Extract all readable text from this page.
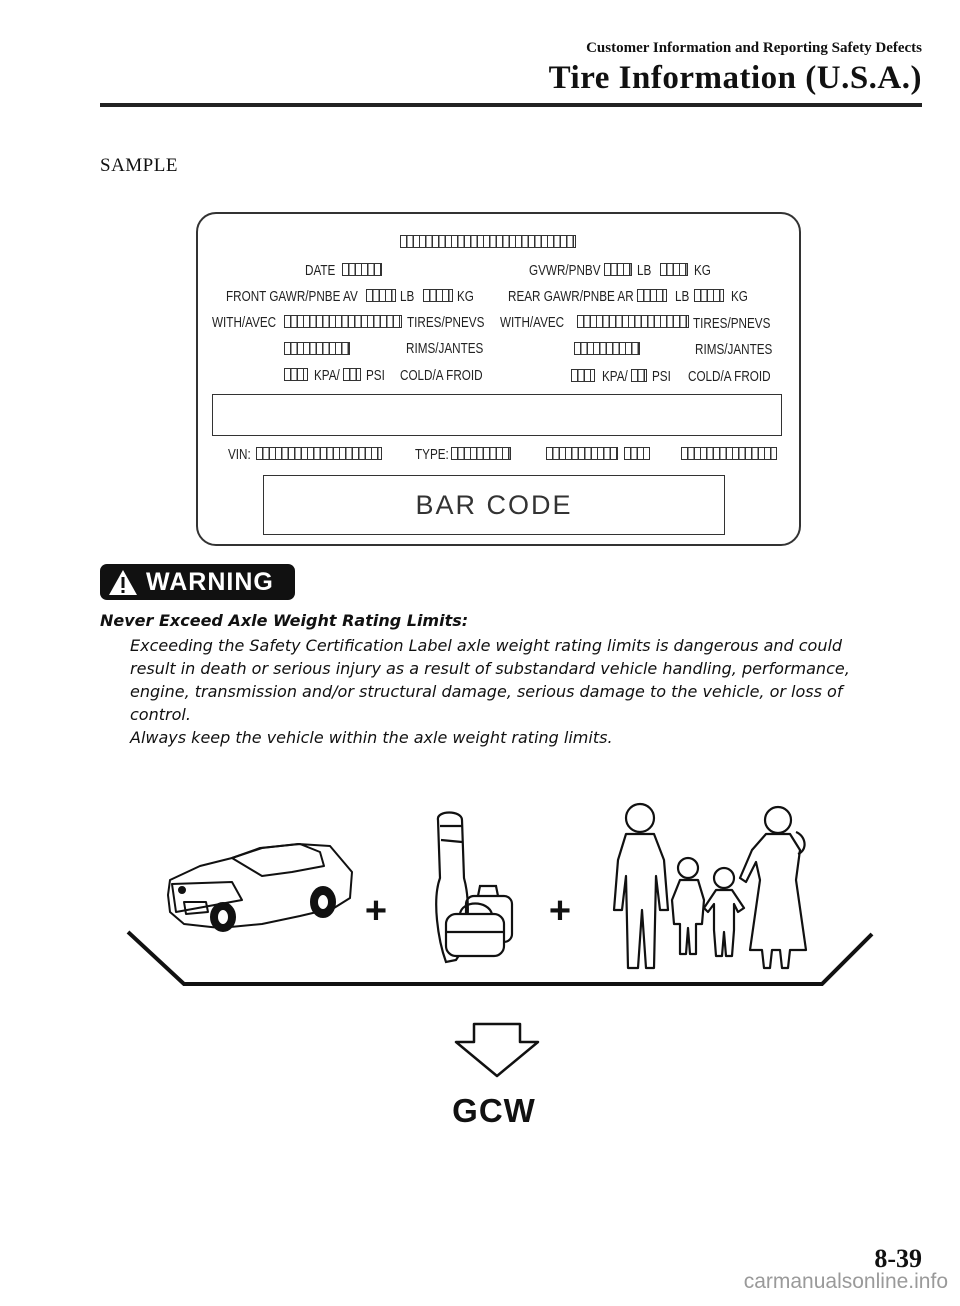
Customer Information and Reporting Safety Defects
Tire Information (U.S.A.)
SAMPLE
DATE	GVWR/PNBV LB	KG
FRONT GAWR/PNBE AV	LB	KG REAR GAWR/PNBE AR	LB	KG
WITH/AVEC	TIRES/PNEVS WITH/AVEC	TIRES/PNEVS
RIMS/JANTES	RIMS/JANTES
KPA/ PSI COLD/A FROID	KPA/ PSI COLD/A FROID
VIN:	TYPE:
BAR CODE
WARNING
Never Exceed Axle Weight Rating Limits:

Exceeding the Safety Certification Label axle weight rating limits is dangerous and could result in death or serious injury as a result of substandard vehicle handling, performance, engine, transmission and/or structural damage, serious damage to the vehicle, or loss of control.

Always keep the vehicle within the axle weight rating limits.

+	+
GCW
8-39
carmanualsonline.info
